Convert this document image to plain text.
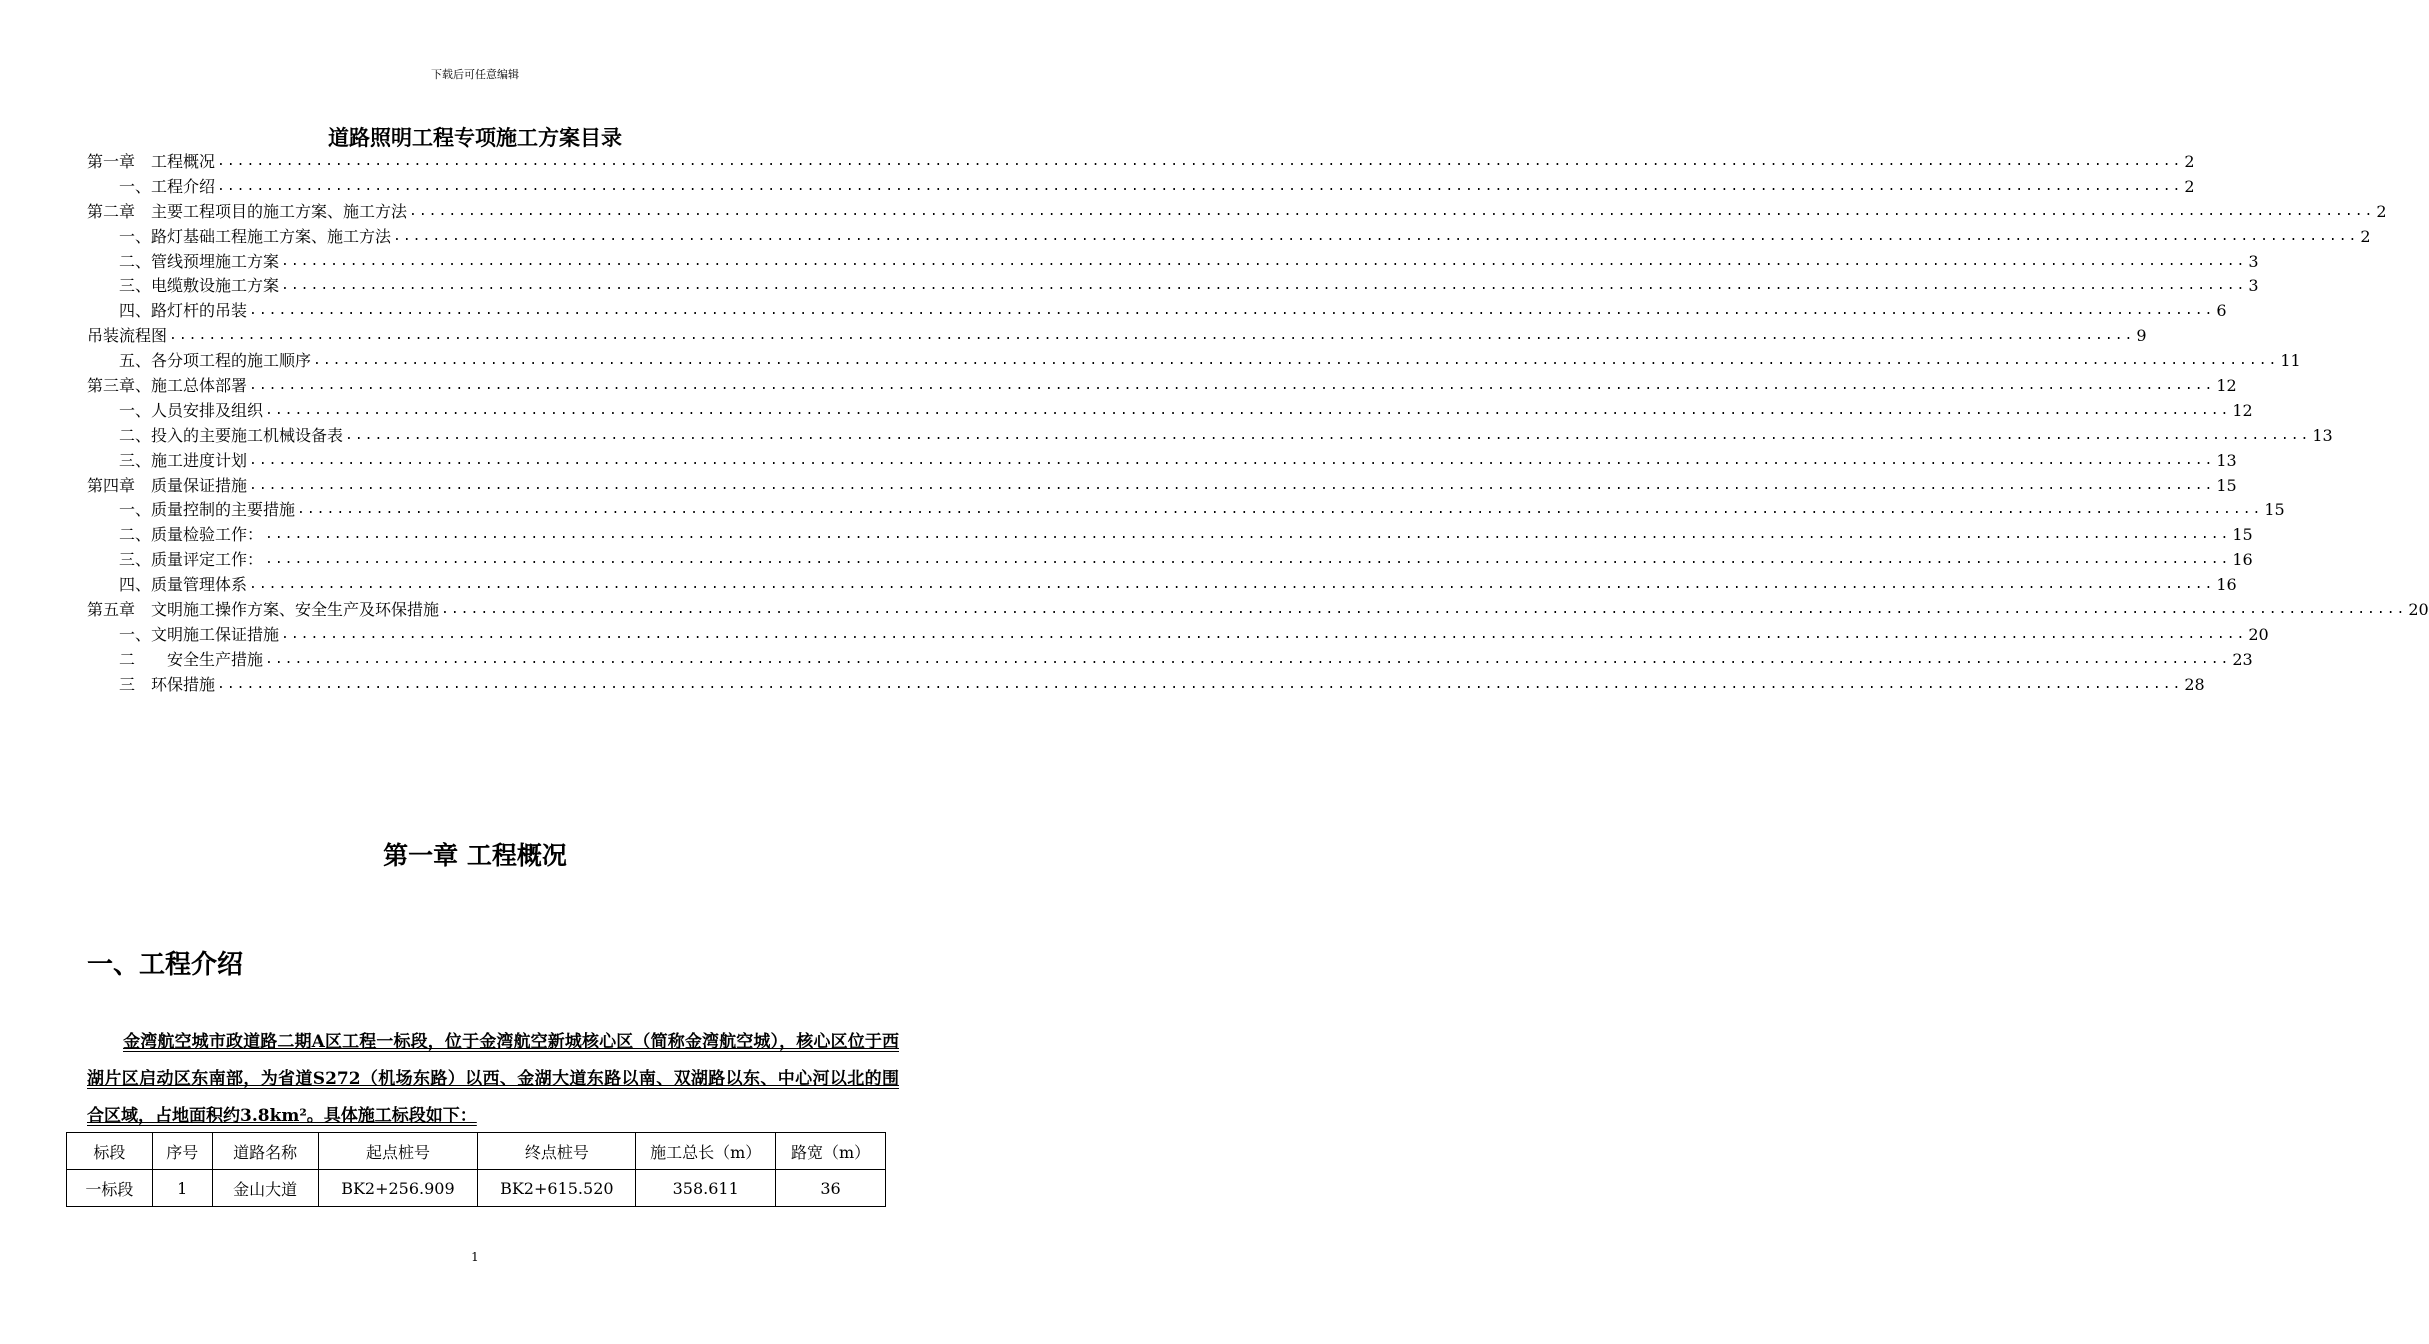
下载后可任意编辑
道路照明工程专项施工方案目录
第一章　工程概况 ........................................................................................................................................................................................................ 2
一、工程介绍 ........................................................................................................................................................................................................ 2
第二章　主要工程项目的施工方案、施工方法 ........................................................................................................................................................................................................ 2
一、路灯基础工程施工方案、施工方法 ........................................................................................................................................................................................................ 2
二、管线预埋施工方案 ........................................................................................................................................................................................................ 3
三、电缆敷设施工方案 ........................................................................................................................................................................................................ 3
四、路灯杆的吊装 ........................................................................................................................................................................................................ 6
吊装流程图 ........................................................................................................................................................................................................ 9
五、各分项工程的施工顺序 ........................................................................................................................................................................................................ 11
第三章、施工总体部署 ........................................................................................................................................................................................................ 12
一、人员安排及组织 ........................................................................................................................................................................................................ 12
二、投入的主要施工机械设备表 ........................................................................................................................................................................................................ 13
三、施工进度计划 ........................................................................................................................................................................................................ 13
第四章　质量保证措施 ........................................................................................................................................................................................................ 15
一、质量控制的主要措施 ........................................................................................................................................................................................................ 15
二、质量检验工作： ........................................................................................................................................................................................................ 15
三、质量评定工作： ........................................................................................................................................................................................................ 16
四、质量管理体系 ........................................................................................................................................................................................................ 16
第五章　文明施工操作方案、安全生产及环保措施 ........................................................................................................................................................................................................ 20
一、文明施工保证措施 ........................................................................................................................................................................................................ 20
二　　安全生产措施 ........................................................................................................................................................................................................ 23
三　环保措施 ........................................................................................................................................................................................................ 28
第一章 工程概况
一、工程介绍
金湾航空城市政道路二期A区工程一标段，位于金湾航空新城核心区（简称金湾航空城），核心区位于西湖片区启动区东南部，为省道S272（机场东路）以西、金湖大道东路以南、双湖路以东、中心河以北的围合区域，占地面积约3.8km²。具体施工标段如下：
标段	序号	道路名称	起点桩号	终点桩号	施工总长（m）	路宽（m）
一标段	1	金山大道	BK2+256.909	BK2+615.520	358.611	36
1
